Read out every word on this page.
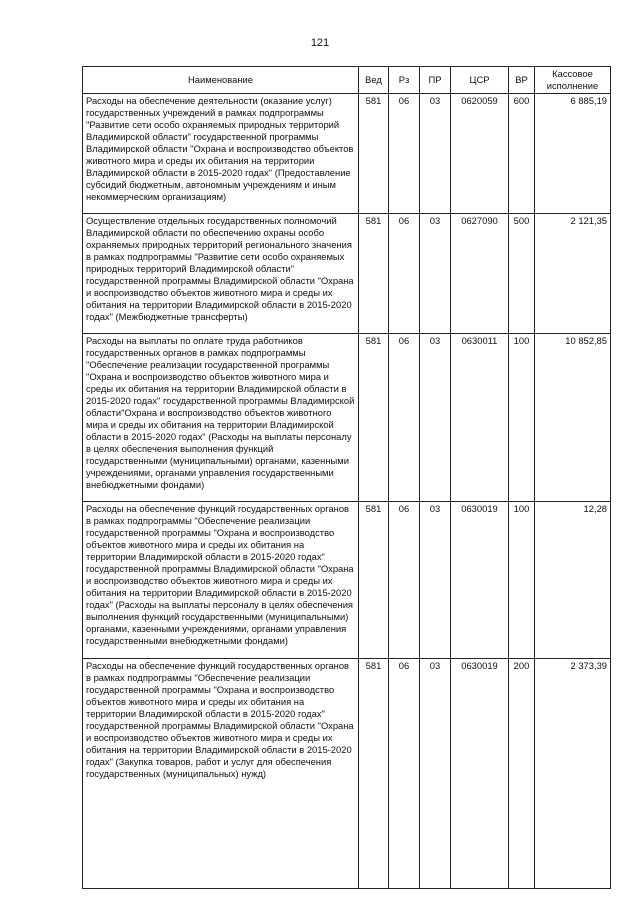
121
Наименование	Вед	Рз	ПР	ЦСР	ВР	Кассовое исполнение
Расходы на обеспечение деятельности (оказание услуг) государственных учреждений в рамках подпрограммы "Развитие сети особо охраняемых природных территорий Владимирской области" государственной программы Владимирской области "Охрана и воспроизводство объектов животного мира и среды их обитания на территории Владимирской области в 2015-2020 годах" (Предоставление субсидий бюджетным, автономным учреждениям и иным некоммерческим организациям)	581	06	03	0620059	600	6 885,19
Осуществление отдельных государственных полномочий Владимирской области по обеспечению охраны особо охраняемых природных территорий регионального значения в рамках подпрограммы "Развитие сети особо охраняемых природных территорий Владимирской области" государственной программы Владимирской области "Охрана и воспроизводство объектов животного мира и среды их обитания на территории Владимирской области в 2015-2020 годах" (Межбюджетные трансферты)	581	06	03	0627090	500	2 121,35
Расходы на выплаты по оплате труда работников государственных органов в рамках подпрограммы "Обеспечение реализации государственной программы "Охрана и воспроизводство объектов животного мира и среды их обитания на территории Владимирской области в 2015-2020 годах" государственной программы Владимирской области"Охрана и воспроизводство объектов животного мира и среды их обитания на территории Владимирской области в 2015-2020 годах" (Расходы на выплаты персоналу в целях обеспечения выполнения функций государственными (муниципальными) органами, казенными учреждениями, органами управления государственными внебюджетными фондами)	581	06	03	0630011	100	10 852,85
Расходы на обеспечение функций государственных органов в рамках подпрограммы "Обеспечение реализации государственной программы "Охрана и воспроизводство объектов животного мира и среды их обитания на территории Владимирской области в 2015-2020 годах" государственной программы Владимирской области "Охрана и воспроизводство объектов животного мира и среды их обитания на территории Владимирской области в 2015-2020 годах" (Расходы на выплаты персоналу в целях обеспечения выполнения функций государственными (муниципальными) органами, казенными учреждениями, органами управления государственными внебюджетными фондами)	581	06	03	0630019	100	12,28
Расходы на обеспечение функций государственных органов в рамках подпрограммы "Обеспечение реализации государственной программы "Охрана и воспроизводство объектов животного мира и среды их обитания на территории Владимирской области в 2015-2020 годах" государственной программы Владимирской области "Охрана и воспроизводство объектов животного мира и среды их обитания на территории Владимирской области в 2015-2020 годах" (Закупка товаров, работ и услуг для обеспечения государственных (муниципальных) нужд)	581	06	03	0630019	200	2 373,39
